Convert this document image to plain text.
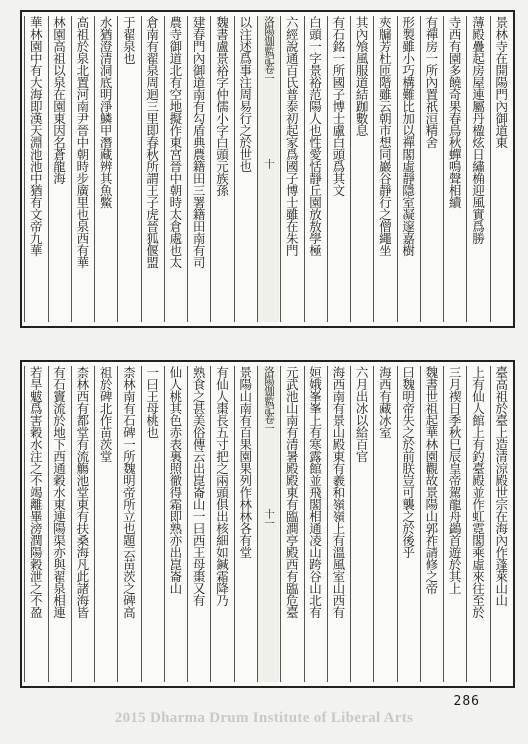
景林寺在開陽門內御道東
薄殿疊起房屋連屬丹楹炫日繡桷迎風實爲勝
寺西有園多饒奇果春鳥秋蟬鳴聲相續
有禪房一所內置祇洹精舍
形製雖小巧構難比加以禪閣虛靜隱室凝邃嘉樹
夾牖芳杜匝階雖云朝市想同巖谷靜行之僧繩坐
其內飧風服道結跏數息
有石銘一所國子博士盧白頭爲其文
白頭一字景裕范陽人也性愛恬靜丘園放敖學極
六經說通百氏普泰初起家爲國子博士雖在朱門
洛陽伽藍記卷一　　　　　　　　十
以注述爲事注周易行之於世也
魏書盧景裕字仲儒小字白頭元族孫
建春門內御道南有勾盾典農籍田三署籍田南有司
農寺御道北有空地擬作東宮晉中朝時太倉處也太
倉南有翟泉周迴三里即春秋所謂王子虎晉狐偃盟
于翟泉也
水猶澄清洞底明淨鱗甲潛藏辨其魚鱉
高祖於泉北置河南尹晉中朝時步廣里也泉西有華
林園高祖以泉在園東因名蒼龍海
華林園中有大海即漢天淵池池中猶有文帝九華
臺高祖於臺上造清涼殿世宗在海內作蓬萊山山
上有仙人館上有釣臺殿並作虹霓閣乘虛來往至於
三月禊日季秋巳辰皇帝駕龍舟鷁首遊於其上
魏書世祖起華林園觀故景陽山郭祚請修之帝
曰魏明帝失之於前朕豈可襲之於後乎
海西有藏冰室
六月出冰以給百官
海西南有景山殿東有羲和嶺嶺上有溫風室山西有
姮娥峯峯上有寒露館並飛閣相通凌山跨谷山北有
元武池山南有清暑殿殿東有臨澗亭殿西有臨危臺
洛陽伽藍記卷一　　　　　　　　十一
景陽山南有百果園果列作林林各有堂
有仙人棗長五寸把之兩頭俱出核細如鍼霜降乃
熟食之甚美俗傳云出崑崙山一曰西王母棗又有
仙人桃其色赤表裏照徹得霜即熟亦出崑崙山
一曰王母桃也
柰林南有石碑一所魏明帝所立也題云苗茨之碑高
祖於碑北作苗茨堂
柰林西有都堂有流觴池堂東有扶桑海凡此諸海皆
有石竇流於地下西通穀水東連陽渠亦與翟泉相連
若旱魃爲害穀水注之不竭離畢滂潤陽穀泄之不盈
286
2015 Dharma Drum Institute of Liberal Arts
